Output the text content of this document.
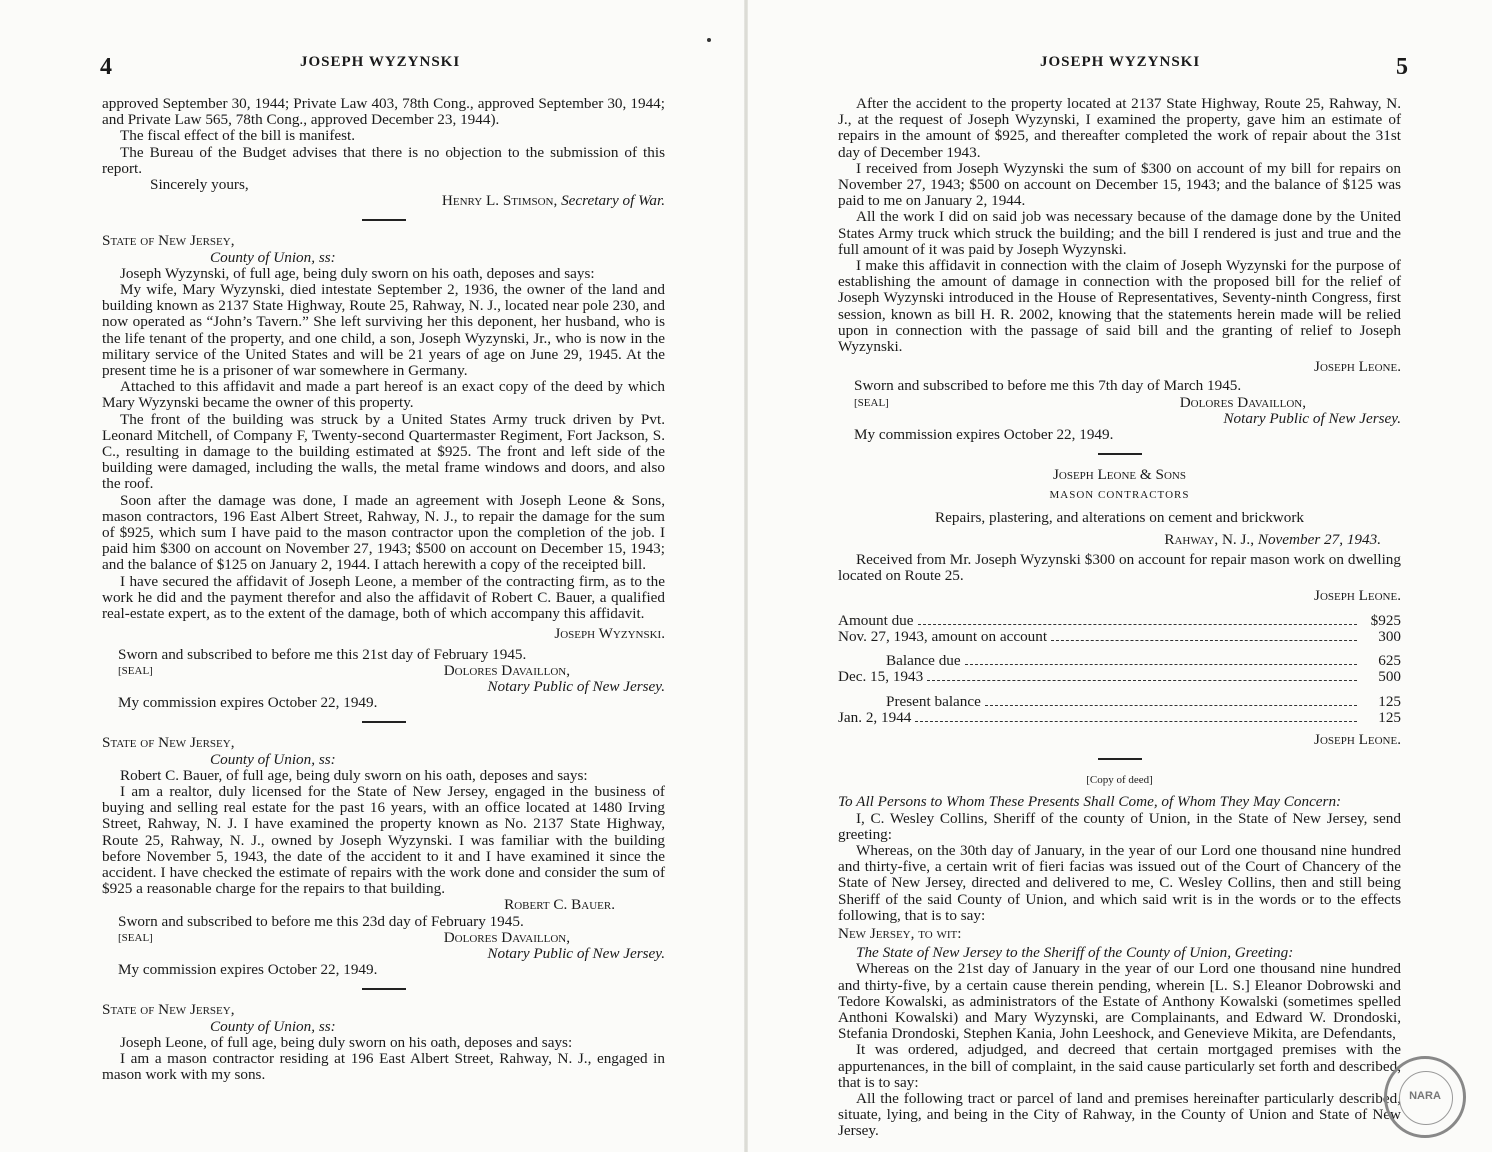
4	JOSEPH WYZYNSKI

approved September 30, 1944; Private Law 403, 78th Cong., approved September 30, 1944; and Private Law 565, 78th Cong., approved December 23, 1944).

The fiscal effect of the bill is manifest.

The Bureau of the Budget advises that there is no objection to the submission of this report.

Sincerely yours,

Henry L. Stimson, Secretary of War.
State of New Jersey,
County of Union, ss:

Joseph Wyzynski, of full age, being duly sworn on his oath, deposes and says:

My wife, Mary Wyzynski, died intestate September 2, 1936, the owner of the land and building known as 2137 State Highway, Route 25, Rahway, N. J., located near pole 230, and now operated as “John’s Tavern.” She left surviving her this deponent, her husband, who is the life tenant of the property, and one child, a son, Joseph Wyzynski, Jr., who is now in the military service of the United States and will be 21 years of age on June 29, 1945. At the present time he is a prisoner of war somewhere in Germany.

Attached to this affidavit and made a part hereof is an exact copy of the deed by which Mary Wyzynski became the owner of this property.

The front of the building was struck by a United States Army truck driven by Pvt. Leonard Mitchell, of Company F, Twenty-second Quartermaster Regiment, Fort Jackson, S. C., resulting in damage to the building estimated at $925. The front and left side of the building were damaged, including the walls, the metal frame windows and doors, and also the roof.

Soon after the damage was done, I made an agreement with Joseph Leone & Sons, mason contractors, 196 East Albert Street, Rahway, N. J., to repair the damage for the sum of $925, which sum I have paid to the mason contractor upon the completion of the job. I paid him $300 on account on November 27, 1943; $500 on account on December 15, 1943; and the balance of $125 on January 2, 1944. I attach herewith a copy of the receipted bill.

I have secured the affidavit of Joseph Leone, a member of the contracting firm, as to the work he did and the payment therefor and also the affidavit of Robert C. Bauer, a qualified real-estate expert, as to the extent of the damage, both of which accompany this affidavit.

Joseph Wyzynski.
Sworn and subscribed to before me this 21st day of February 1945.
[SEAL]	Dolores Davaillon,
Notary Public of New Jersey.
My commission expires October 22, 1949.
State of New Jersey,
County of Union, ss:

Robert C. Bauer, of full age, being duly sworn on his oath, deposes and says:

I am a realtor, duly licensed for the State of New Jersey, engaged in the business of buying and selling real estate for the past 16 years, with an office located at 1480 Irving Street, Rahway, N. J. I have examined the property known as No. 2137 State Highway, Route 25, Rahway, N. J., owned by Joseph Wyzynski. I was familiar with the building before November 5, 1943, the date of the accident to it and I have examined it since the accident. I have checked the estimate of repairs with the work done and consider the sum of $925 a reasonable charge for the repairs to that building.

Robert C. Bauer.
Sworn and subscribed to before me this 23d day of February 1945.
[SEAL]	Dolores Davaillon,
Notary Public of New Jersey.
My commission expires October 22, 1949.
State of New Jersey,
County of Union, ss:

Joseph Leone, of full age, being duly sworn on his oath, deposes and says:

I am a mason contractor residing at 196 East Albert Street, Rahway, N. J., engaged in mason work with my sons.

JOSEPH WYZYNSKI	5

After the accident to the property located at 2137 State Highway, Route 25, Rahway, N. J., at the request of Joseph Wyzynski, I examined the property, gave him an estimate of repairs in the amount of $925, and thereafter completed the work of repair about the 31st day of December 1943.

I received from Joseph Wyzynski the sum of $300 on account of my bill for repairs on November 27, 1943; $500 on account on December 15, 1943; and the balance of $125 was paid to me on January 2, 1944.

All the work I did on said job was necessary because of the damage done by the United States Army truck which struck the building; and the bill I rendered is just and true and the full amount of it was paid by Joseph Wyzynski.

I make this affidavit in connection with the claim of Joseph Wyzynski for the purpose of establishing the amount of damage in connection with the proposed bill for the relief of Joseph Wyzynski introduced in the House of Representatives, Seventy-ninth Congress, first session, known as bill H. R. 2002, knowing that the statements herein made will be relied upon in connection with the passage of said bill and the granting of relief to Joseph Wyzynski.

Joseph Leone.
Sworn and subscribed to before me this 7th day of March 1945.
[SEAL]	Dolores Davaillon,
Notary Public of New Jersey.
My commission expires October 22, 1949.
Joseph Leone & Sons
MASON CONTRACTORS
Repairs, plastering, and alterations on cement and brickwork
Rahway, N. J., November 27, 1943.

Received from Mr. Joseph Wyzynski $300 on account for repair mason work on dwelling located on Route 25.

Joseph Leone.
Amount due	$925
Nov. 27, 1943, amount on account	300
Balance due	625
Dec. 15, 1943	500
Present balance	125
Jan. 2, 1944	125
Joseph Leone.
[Copy of deed]
To All Persons to Whom These Presents Shall Come, of Whom They May Concern:

I, C. Wesley Collins, Sheriff of the county of Union, in the State of New Jersey, send greeting:

Whereas, on the 30th day of January, in the year of our Lord one thousand nine hundred and thirty-five, a certain writ of fieri facias was issued out of the Court of Chancery of the State of New Jersey, directed and delivered to me, C. Wesley Collins, then and still being Sheriff of the said County of Union, and which said writ is in the words or to the effects following, that is to say:

New Jersey, to wit:

The State of New Jersey to the Sheriff of the County of Union, Greeting:

Whereas on the 21st day of January in the year of our Lord one thousand nine hundred and thirty-five, by a certain cause therein pending, wherein [L. S.] Eleanor Dobrowski and Tedore Kowalski, as administrators of the Estate of Anthony Kowalski (sometimes spelled Anthoni Kowalski) and Mary Wyzynski, are Complainants, and Edward W. Drondoski, Stefania Drondoski, Stephen Kania, John Leeshock, and Genevieve Mikita, are Defendants,

It was ordered, adjudged, and decreed that certain mortgaged premises with the appurtenances, in the bill of complaint, in the said cause particularly set forth and described, that is to say:

All the following tract or parcel of land and premises hereinafter particularly described, situate, lying, and being in the City of Rahway, in the County of Union and State of New Jersey.

NARA
